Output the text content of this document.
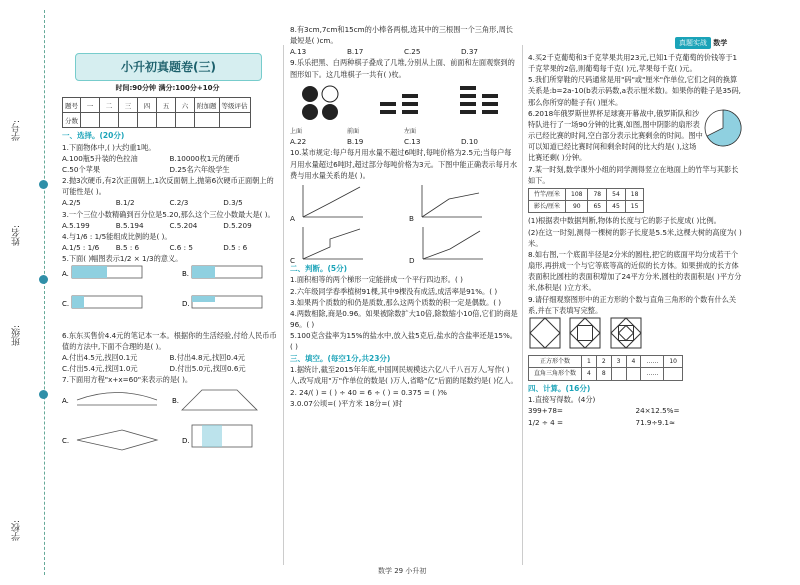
学号:
姓名:
班级:
学校:
真题实战 数学
小升初真题卷(三)
时间:90分钟 满分:100分+10分
题号	一	二	三	四	五	六	附加题	等级评估
分数								

一、选择。(20分)

1.下面物体中,( )大约重1吨。

A.100瓶5升装的色拉油	B.10000枚1元的硬币
C.50个苹果	D.25名六年级学生

2.抛3次硬币,有2次正面朝上,1次反面朝上,抛第6次硬币正面朝上的可能性是( )。

A.2/5	B.1/2	C.2/3	D.3/5

3.一个三位小数精确到百分位是5.20,那么这个三位小数最大是( )。

A.5.199	B.5.194	C.5.204	D.5.209

4.与1/6 : 1/5能组成比例的是( )。

A.1/5 : 1/6	B.5 : 6	C.6 : 5	D.5 : 6

5.下面( )幅图表示1/2 × 1/3的意义。

A.	B.
C.	D.

6.东东买售价4.4元的笔记本一本。根据你的生活经验,付给人民币币值的方法中,下面不合理的是( )。

A.付出4.5元,找回0.1元	B.付出4.8元,找回0.4元
C.付出5.4元,找回1.0元	D.付出5.0元,找回0.6元

7.下面用方程"x+x=60"来表示的是( )。

A.	B.
C.	D.

8.有3cm,7cm和15cm的小棒各两根,选其中的三根围一个三角形,周长最短是( )cm。

A.13	B.17	C.25	D.37

9.乐乐把黑、白两种棋子叠成了几堆,分别从上面、前面和左面观察到的图形如下。这几堆棋子一共有( )枚。

上面	前面	左面
A.22	B.19	C.13	D.10

10.某市规定:每户每月用水量不超过6吨时,每吨价格为2.5元;当每户每月用水量超过6吨时,超过部分每吨价格为3元。下图中能正确表示每月水费与用水量关系的是( )。

A	B
C	D

二、判断。(5分)

1.面积相等的两个梯形一定能拼成一个平行四边形。( )

2.六年级同学春季植树91棵,其中9棵没有成活,成活率是91%。( )

3.如果两个质数的和仍是质数,那么这两个质数的积一定是偶数。( )

4.两数相除,商是0.96。如果被除数扩大10倍,除数缩小10倍,它们的商是96。( )

5.100克含盐率为15%的盐水中,放入盐5克后,盐水的含盐率还是15%。( )

三、填空。(每空1分,共23分)

1.据统计,截至2015年年底,中国网民规模达六亿八千八百万人,写作( )人,改写成用"万"作单位的数是( )万人,省略"亿"后面的尾数约是( )亿人。

2. 24/( ) = ( ) ÷ 40 = 6 ÷ ( ) = 0.375 = ( )%

3.0.07公顷=( )平方米 18分=( )时

4.买2千克葡萄和3千克苹果共用23元,已知1千克葡萄的价钱等于1千克苹果的2倍,则葡萄每千克( )元,苹果每千克( )元。

5.我们所穿鞋的尺码通常是用"码"或"厘米"作单位,它们之间的换算关系是:b=2a-10(b表示码数,a表示厘米数)。如果你的鞋子是35码,那么你所穿的鞋子有( )厘米。

6.2018年俄罗斯世界杯足球赛开幕战中,俄罗斯队和沙特队进行了一场90分钟的比赛,如图,图中阴影的扇形表示已经比赛的时间,空白部分表示比赛剩余的时间。图中可以知道已经比赛时间和剩余时间的比大约是( ),这场比赛还剩( )分钟。

7.某一时刻,数学课外小组的同学测得竖立在地面上的竹竿与其影长如下。

竹竿/厘米	108	78	54	18
影长/厘米	90	65	45	15

(1)根据表中数据判断,物体的长度与它的影子长度成( )比例。

(2)在这一时刻,测得一棵树的影子长度是5.5米,这棵大树的高度为( )米。

8.如右图,一个底面半径是2分米的圆柱,把它的底面平均分成若干个扇形,再拼成一个与它等底等高的近似的长方体。如果拼成的长方体表面积比圆柱的表面积增加了24平方分米,圆柱的表面积是( )平方分米,体积是( )立方米。

9.请仔细观察图形中的正方形的个数与直角三角形的个数有什么关系,并在下表填写完整。

正方形个数	1	2	3	4	……	10
直角三角形个数	4	8			……	

四、计算。(16分)

1.直接写得数。(4分)

399+78=	24×12.5%=
1/2 ÷ 4 =	71.9÷9.1≈
数学 29 小升初
